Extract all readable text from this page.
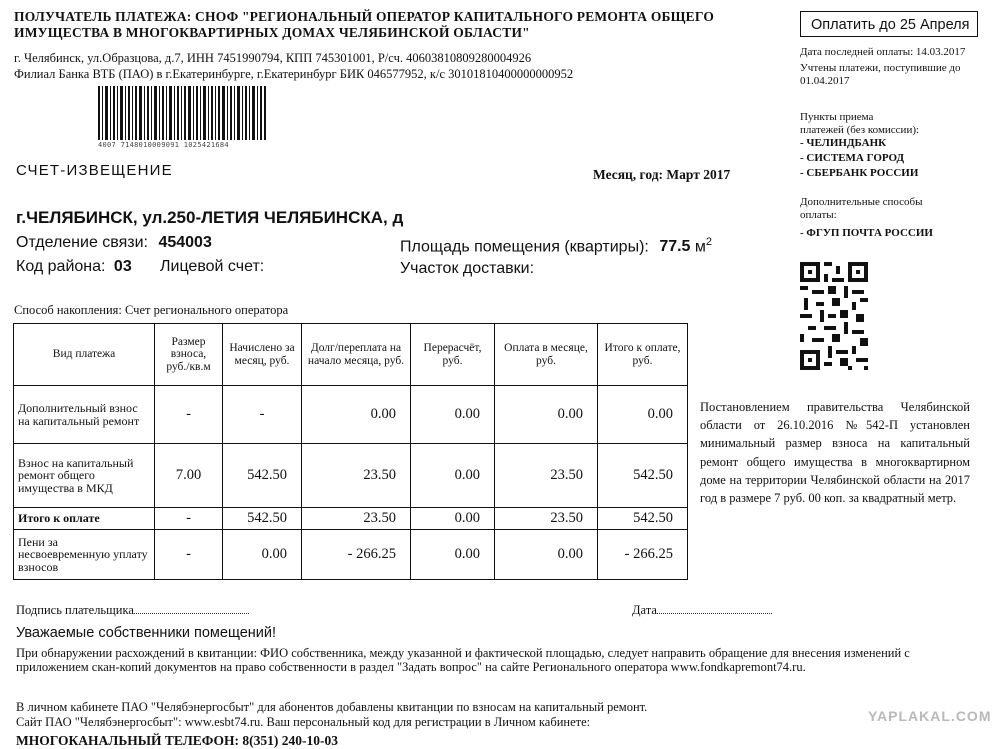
ПОЛУЧАТЕЛЬ ПЛАТЕЖА: СНОФ "РЕГИОНАЛЬНЫЙ ОПЕРАТОР КАПИТАЛЬНОГО РЕМОНТА ОБЩЕГО ИМУЩЕСТВА В МНОГОКВАРТИРНЫХ ДОМАХ ЧЕЛЯБИНСКОЙ ОБЛАСТИ"
г. Челябинск, ул.Образцова, д.7, ИНН 7451990794, КПП 745301001, Р/сч. 40603810809280004926
Филиал Банка ВТБ (ПАО) в г.Екатеринбурге, г.Екатеринбург БИК 046577952, к/с 30101810400000000952
4007 7148010009091 1025421684
СЧЕТ-ИЗВЕЩЕНИЕ	Месяц, год: Март 2017
г.ЧЕЛЯБИНСК, ул.250-ЛЕТИЯ ЧЕЛЯБИНСКА, д
Отделение связи: 454003	Площадь помещения (квартиры): 77.5 $м^2$
Код района: 03 Лицевой счет:	Участок доставки:
Оплатить до 25 Апреля
Дата последней оплаты: 14.03.2017
Учтены платежи, поступившие до 01.04.2017
Пункты приема платежей (без комиссии):
- ЧЕЛИНДБАНК
- СИСТЕМА ГОРОД
- СБЕРБАНК РОССИИ
Дополнительные способы оплаты:
- ФГУП ПОЧТА РОССИИ
Способ накопления: Счет регионального оператора
Вид платежа	Размер взноса, руб./кв.м	Начислено за месяц, руб.	Долг/переплата на начало месяца, руб.	Перерасчёт, руб.	Оплата в месяце, руб.	Итого к оплате, руб.
Дополнительный взнос на капитальный ремонт	-	-	0.00	0.00	0.00	0.00
Взнос на капитальный ремонт общего имущества в МКД	7.00	542.50	23.50	0.00	23.50	542.50
Итого к оплате	-	542.50	23.50	0.00	23.50	542.50
Пени за несвоевременную уплату взносов	-	0.00	- 266.25	0.00	0.00	- 266.25
Постановлением правительства Челябинской области от 26.10.2016 №542-П установлен минимальный размер взноса на капитальный ремонт общего имущества в многоквартирном доме на территории Челябинской области на 2017 год в размере 7 руб. 00 коп. за квадратный метр.
Подпись плательщика	Дата
Уважаемые собственники помещений!
При обнаружении расхождений в квитанции: ФИО собственника, между указанной и фактической площадью, следует направить обращение для внесения изменений с приложением скан-копий документов на право собственности в раздел "Задать вопрос" на сайте Регионального оператора www.fondkapremont74.ru.
В личном кабинете ПАО "Челябэнергосбыт" для абонентов добавлены квитанции по взносам на капитальный ремонт.
Сайт ПАО "Челябэнергосбыт": www.esbt74.ru. Ваш персональный код для регистрации в Личном кабинете:
МНОГОКАНАЛЬНЫЙ ТЕЛЕФОН: 8(351) 240-10-03
YAPLAKAL.COM
